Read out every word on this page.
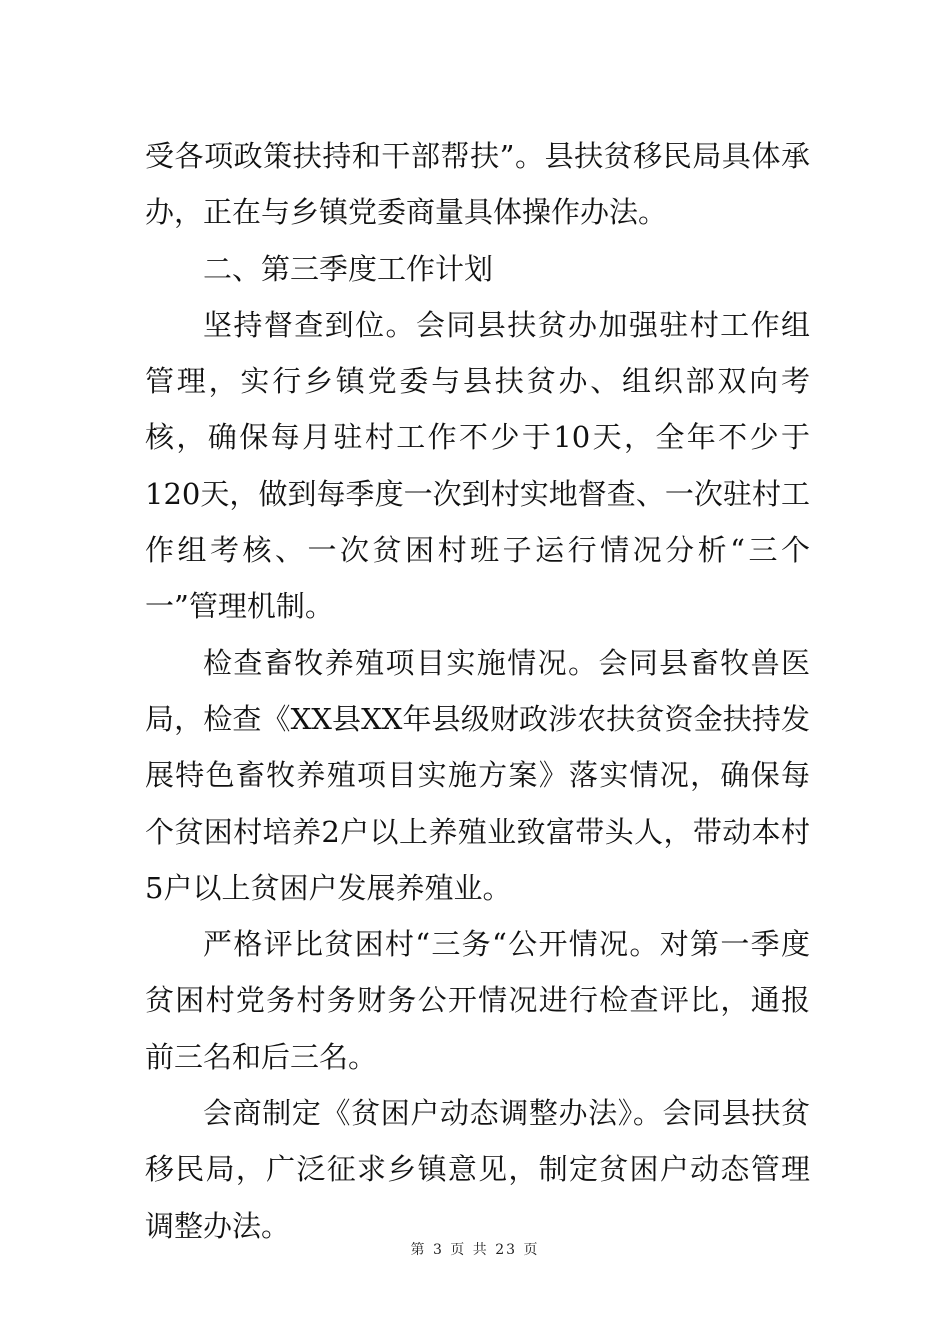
受各项政策扶持和干部帮扶”。县扶贫移民局具体承办，正在与乡镇党委商量具体操作办法。

二、第三季度工作计划

坚持督查到位。会同县扶贫办加强驻村工作组管理，实行乡镇党委与县扶贫办、组织部双向考核，确保每月驻村工作不少于10天，全年不少于120天，做到每季度一次到村实地督查、一次驻村工作组考核、一次贫困村班子运行情况分析“三个一”管理机制。

检查畜牧养殖项目实施情况。会同县畜牧兽医局，检查《XX县XX年县级财政涉农扶贫资金扶持发展特色畜牧养殖项目实施方案》落实情况，确保每个贫困村培养2户以上养殖业致富带头人，带动本村5户以上贫困户发展养殖业。

严格评比贫困村“三务“公开情况。对第一季度贫困村党务村务财务公开情况进行检查评比，通报前三名和后三名。

会商制定《贫困户动态调整办法》。会同县扶贫移民局，广泛征求乡镇意见，制定贫困户动态管理调整办法。

第 3 页 共 23 页
